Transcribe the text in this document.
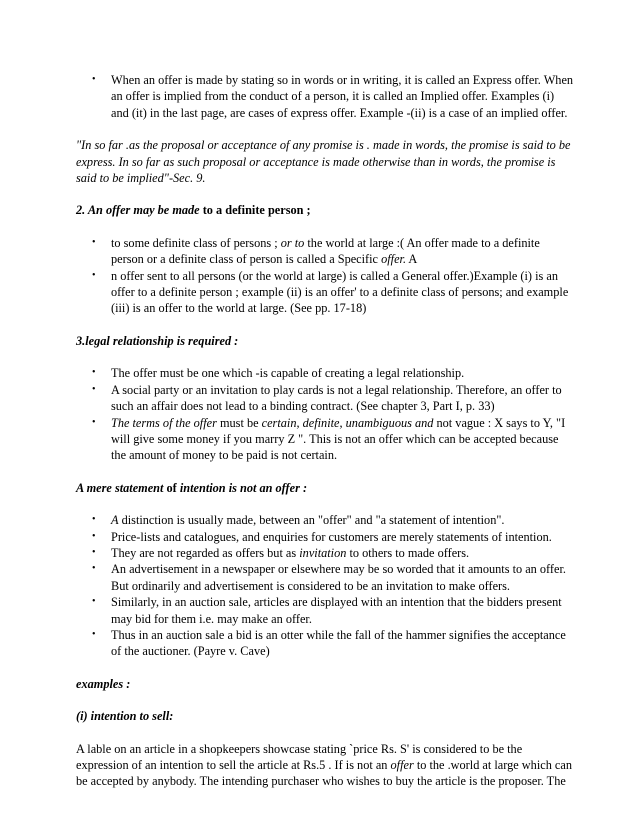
• When an offer is made by stating so in words or in writing, it is called an Express offer. When an offer is implied from the conduct of a person, it is called an Implied offer. Examples (i) and (it) in the last page, are cases of express offer. Example -(ii) is a case of an implied offer.

"In so far .as the proposal or acceptance of any promise is . made in words, the promise is said to be express. In so far as such proposal or acceptance is made otherwise than in words, the promise is said to be implied"-Sec. 9.

2. An offer may be made to a definite person ;

• to some definite class of persons ; or to the world at large :( An offer made to a definite person or a definite class of person is called a Specific offer. A
• n offer sent to all persons (or the world at large) is called a General offer.)Example (i) is an offer to a definite person ; example (ii) is an offer' to a definite class of persons; and example (iii) is an offer to the world at large. (See pp. 17-18)

3.legal relationship is required :

• The offer must be one which -is capable of creating a legal relationship.
• A social party or an invitation to play cards is not a legal relationship. Therefore, an offer to such an affair does not lead to a binding contract. (See chapter 3, Part I, p. 33)
• The terms of the offer must be certain, definite, unambiguous and not vague : X says to Y, "I will give some money if you marry Z ". This is not an offer which can be accepted because the amount of money to be paid is not certain.

A mere statement of intention is not an offer :

• A distinction is usually made, between an "offer" and "a statement of intention".
• Price-lists and catalogues, and enquiries for customers are merely statements of intention.
• They are not regarded as offers but as invitation to others to made offers.
• An advertisement in a newspaper or elsewhere may be so worded that it amounts to an offer. But ordinarily and advertisement is considered to be an invitation to make offers.
• Similarly, in an auction sale, articles are displayed with an intention that the bidders present may bid for them i.e. may make an offer.
• Thus in an auction sale a bid is an otter while the fall of the hammer signifies the acceptance of the auctioner. (Payre v. Cave)

examples :

(i) intention to sell:

A lable on an article in a shopkeepers showcase stating `price Rs. S' is considered to be the expression of an intention to sell the article at Rs.5 . If is not an offer to the .world at large which can be accepted by anybody. The intending purchaser who wishes to buy the article is the proposer. The
